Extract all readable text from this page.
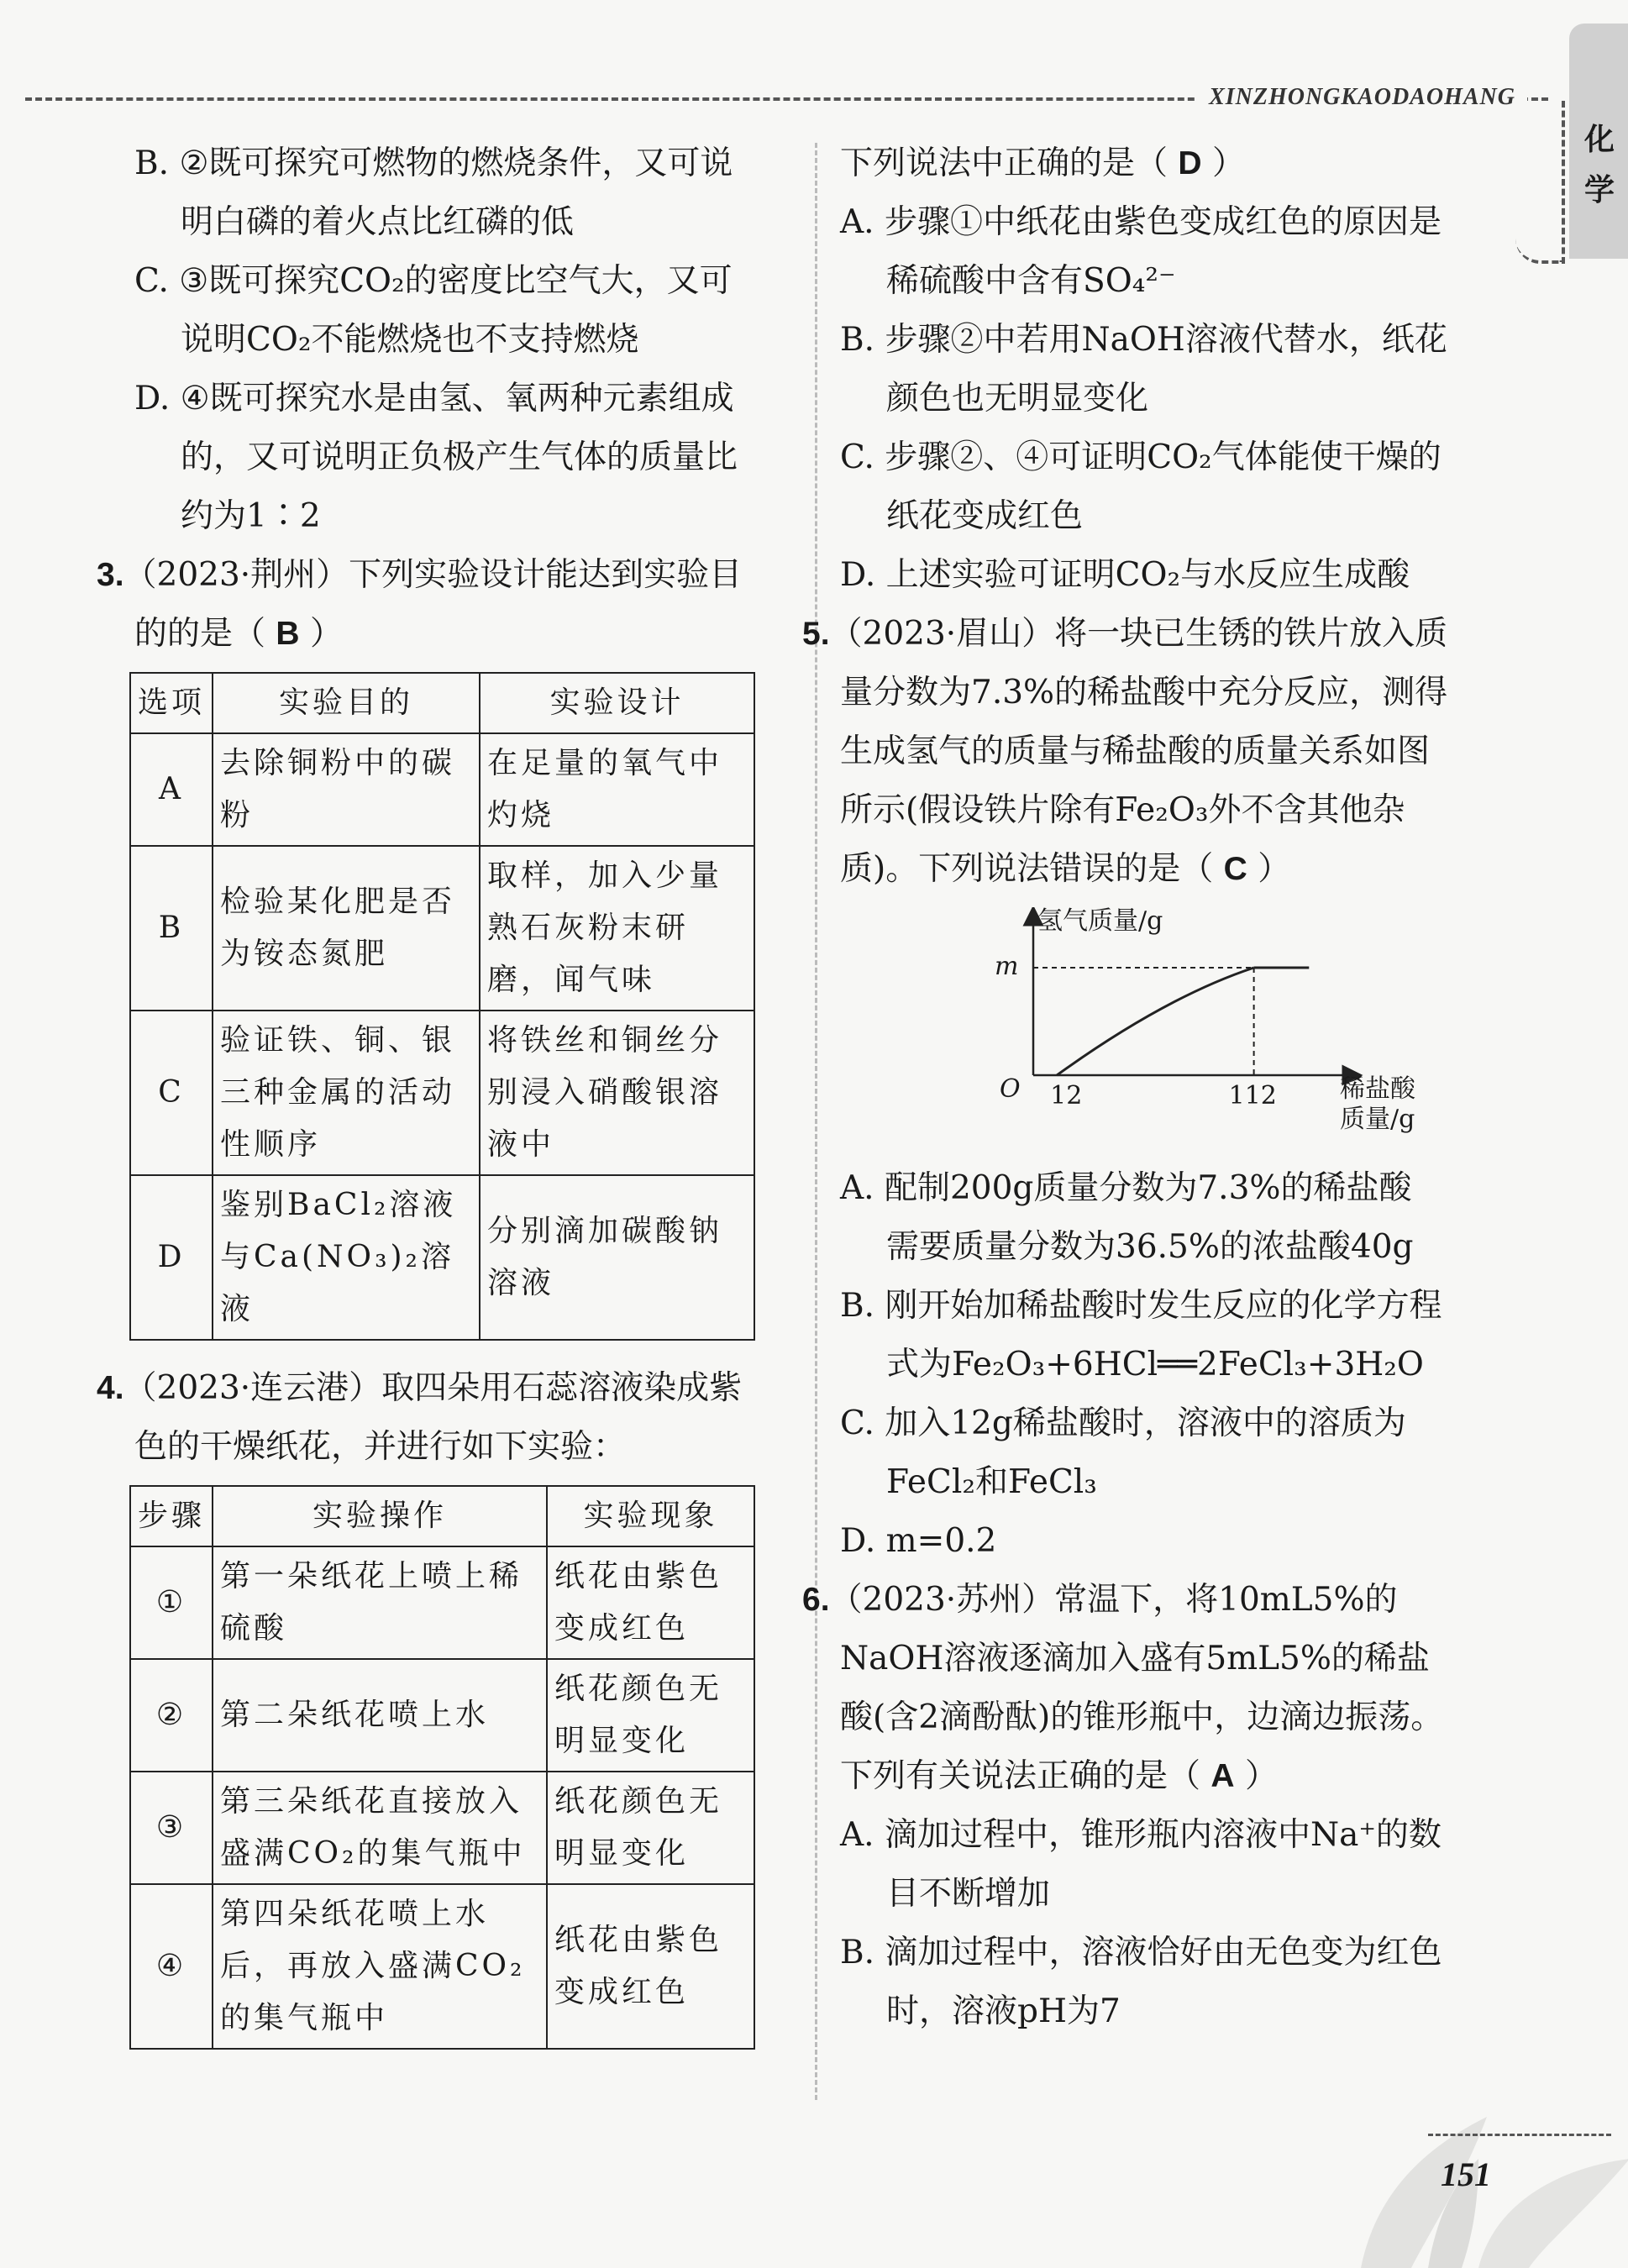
XINZHONGKAODAOHANG
化
学
B. ②既可探究可燃物的燃烧条件，又可说
明白磷的着火点比红磷的低
C. ③既可探究CO₂的密度比空气大，又可
说明CO₂不能燃烧也不支持燃烧
D. ④既可探究水是由氢、氧两种元素组成
的，又可说明正负极产生气体的质量比
约为1∶2
3.（2023·荆州）下列实验设计能达到实验目
的的是（ B ）
选项	实验目的	实验设计
A	去除铜粉中的碳粉	在足量的氧气中灼烧
B	检验某化肥是否为铵态氮肥	取样，加入少量熟石灰粉末研磨，闻气味
C	验证铁、铜、银三种金属的活动性顺序	将铁丝和铜丝分别浸入硝酸银溶液中
D	鉴别BaCl₂溶液与Ca(NO₃)₂溶液	分别滴加碳酸钠溶液
4.（2023·连云港）取四朵用石蕊溶液染成紫
色的干燥纸花，并进行如下实验：
步骤	实验操作	实验现象
①	第一朵纸花上喷上稀硫酸	纸花由紫色变成红色
②	第二朵纸花喷上水	纸花颜色无明显变化
③	第三朵纸花直接放入盛满CO₂的集气瓶中	纸花颜色无明显变化
④	第四朵纸花喷上水后，再放入盛满CO₂的集气瓶中	纸花由紫色变成红色
下列说法中正确的是（ D ）
A. 步骤①中纸花由紫色变成红色的原因是
稀硫酸中含有SO₄²⁻
B. 步骤②中若用NaOH溶液代替水，纸花
颜色也无明显变化
C. 步骤②、④可证明CO₂气体能使干燥的
纸花变成红色
D. 上述实验可证明CO₂与水反应生成酸
5.（2023·眉山）将一块已生锈的铁片放入质
量分数为7.3%的稀盐酸中充分反应，测得
生成氢气的质量与稀盐酸的质量关系如图
所示(假设铁片除有Fe₂O₃外不含其他杂
质)。下列说法错误的是（ C ）
氢气质量/g
O	稀盐酸
质量/g
m
12	112
A. 配制200g质量分数为7.3%的稀盐酸
需要质量分数为36.5%的浓盐酸40g
B. 刚开始加稀盐酸时发生反应的化学方程
式为Fe₂O₃+6HCl══2FeCl₃+3H₂O
C. 加入12g稀盐酸时，溶液中的溶质为
FeCl₂和FeCl₃
D. m=0.2
6.（2023·苏州）常温下，将10mL5%的
NaOH溶液逐滴加入盛有5mL5%的稀盐
酸(含2滴酚酞)的锥形瓶中，边滴边振荡。
下列有关说法正确的是（ A ）
A. 滴加过程中，锥形瓶内溶液中Na⁺的数
目不断增加
B. 滴加过程中，溶液恰好由无色变为红色
时，溶液pH为7
151
